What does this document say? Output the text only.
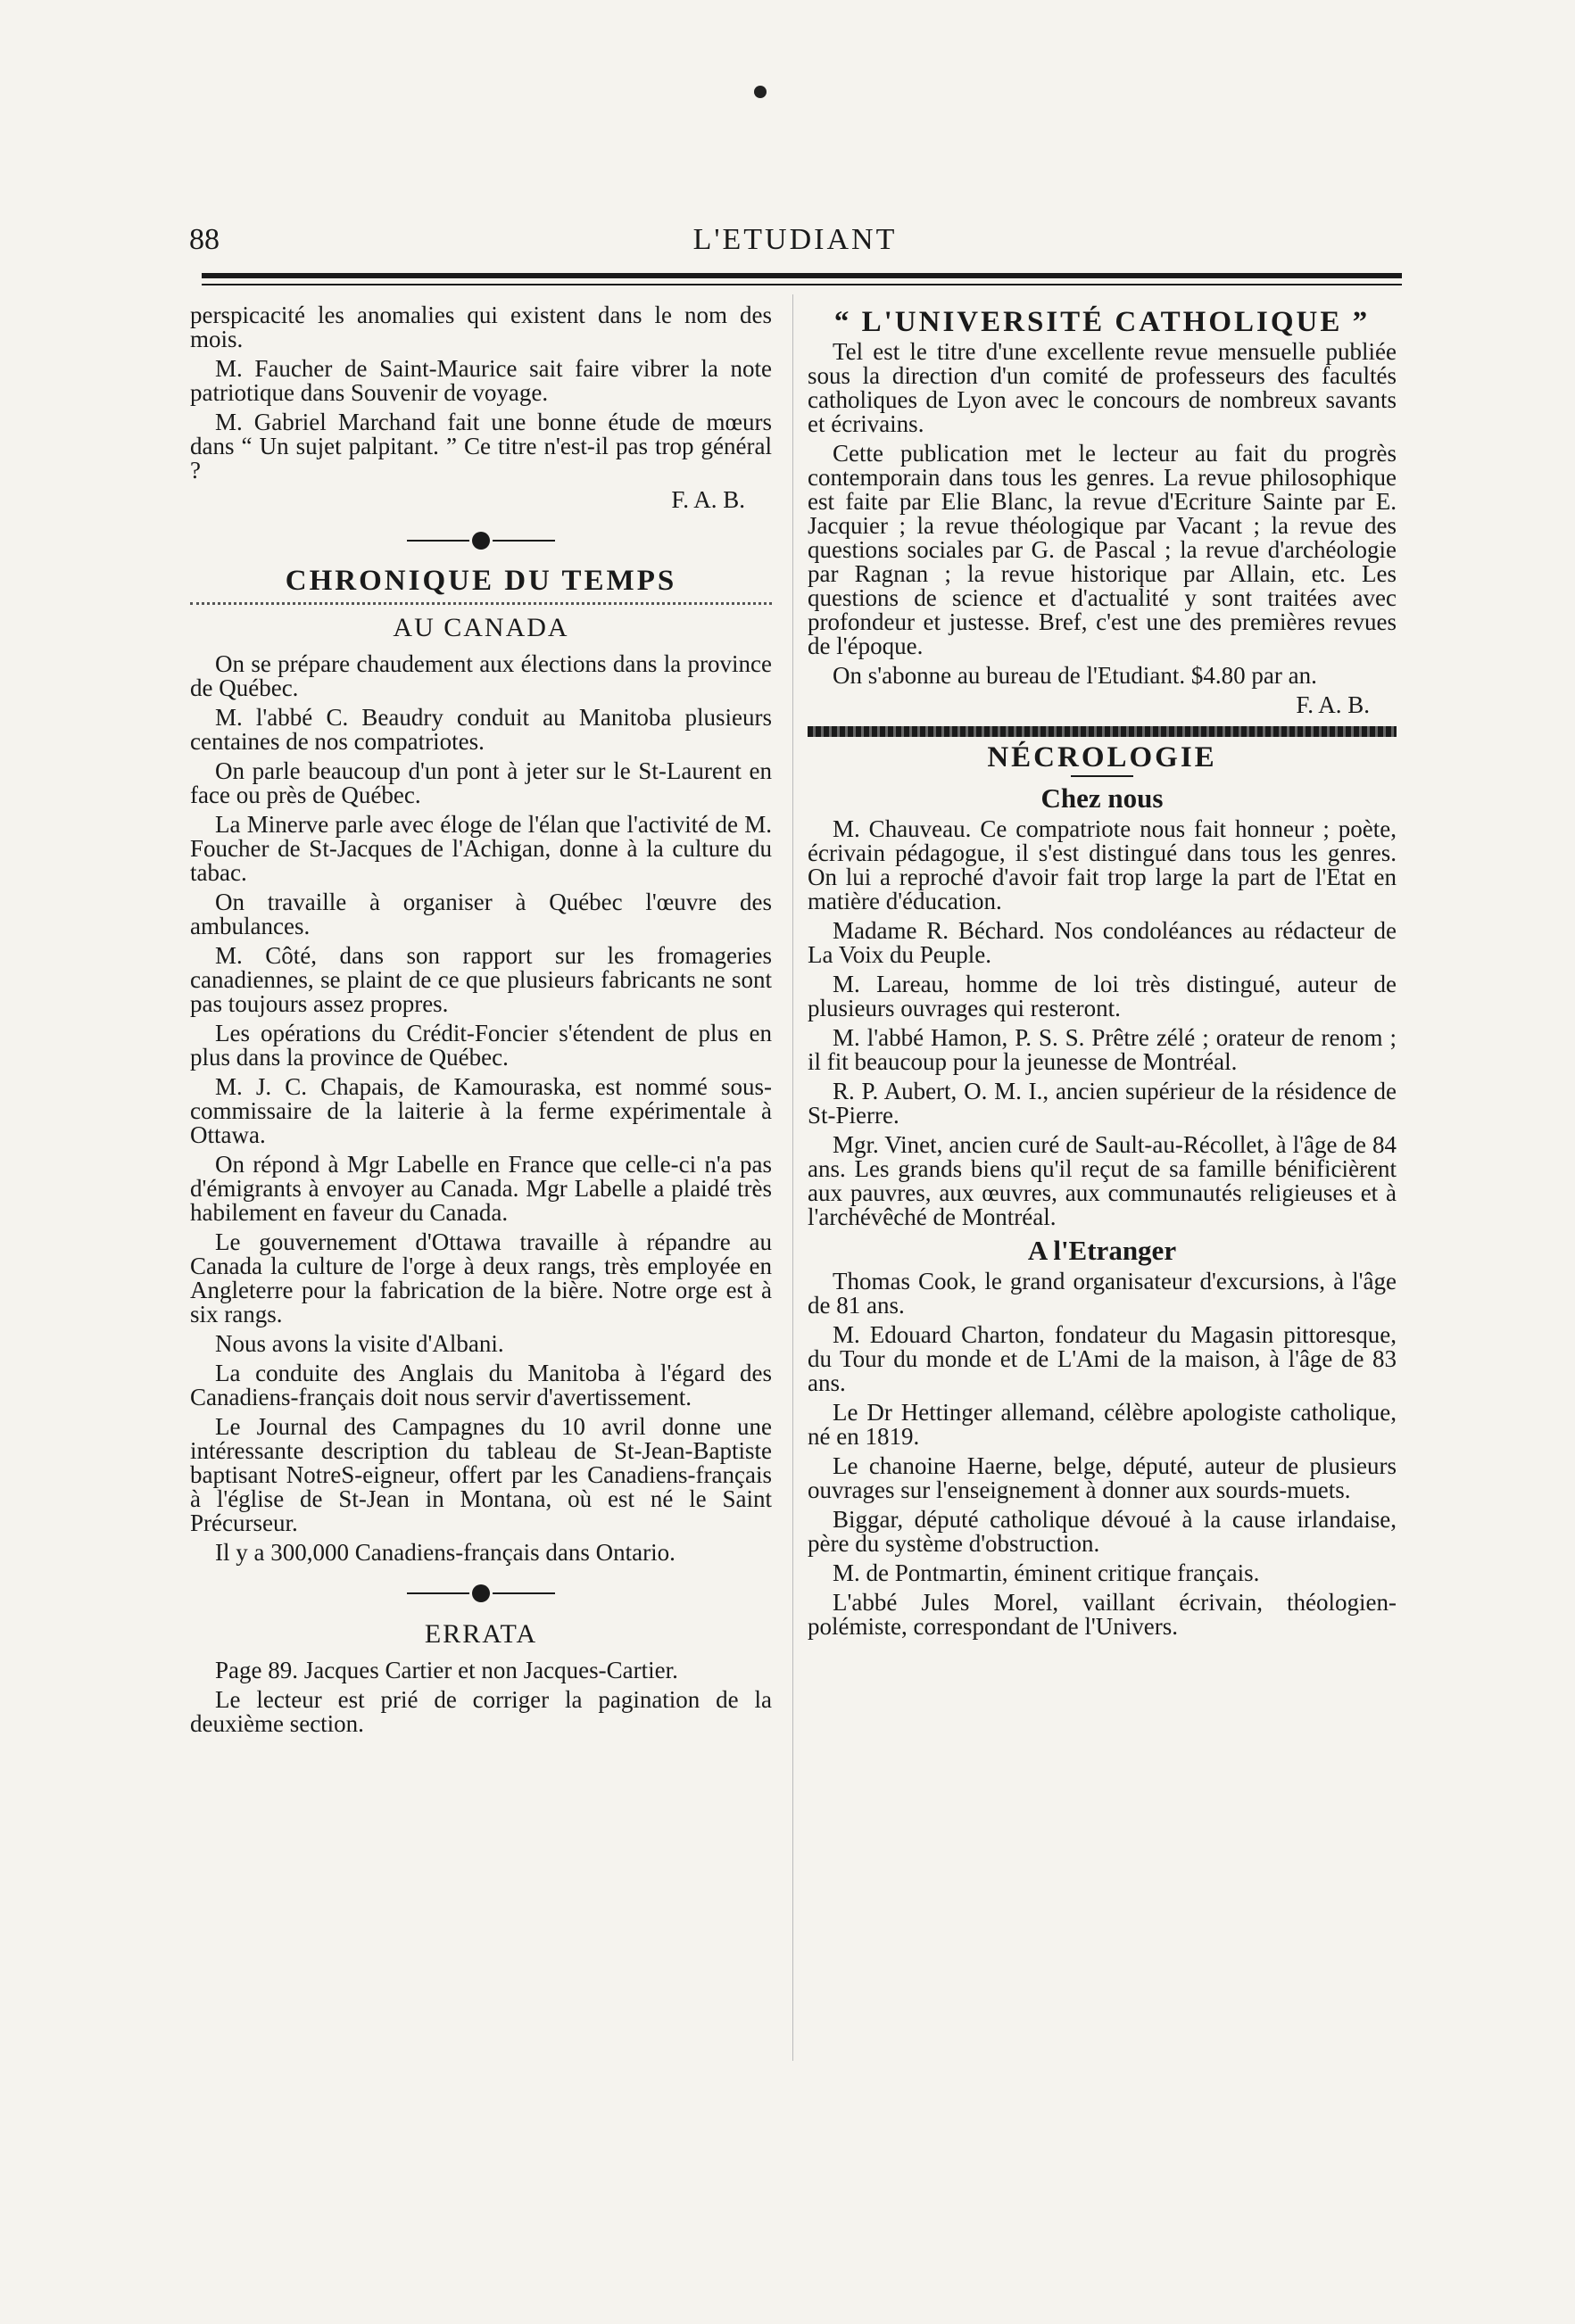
88	L'ETUDIANT

perspicacité les anomalies qui existent dans le nom des mois.

M. Faucher de Saint-Maurice sait faire vibrer la note patriotique dans Souvenir de voyage.

M. Gabriel Marchand fait une bonne étude de mœurs dans “ Un sujet palpitant. ” Ce titre n'est-il pas trop général ?

F. A. B.

CHRONIQUE DU TEMPS
AU CANADA

On se prépare chaudement aux élections dans la province de Québec.

M. l'abbé C. Beaudry conduit au Manitoba plusieurs centaines de nos compatriotes.

On parle beaucoup d'un pont à jeter sur le St-Laurent en face ou près de Québec.

La Minerve parle avec éloge de l'élan que l'activité de M. Foucher de St-Jacques de l'Achigan, donne à la culture du tabac.

On travaille à organiser à Québec l'œuvre des ambulances.

M. Côté, dans son rapport sur les fromageries canadiennes, se plaint de ce que plusieurs fabricants ne sont pas toujours assez propres.

Les opérations du Crédit-Foncier s'étendent de plus en plus dans la province de Québec.

M. J. C. Chapais, de Kamouraska, est nommé sous-commissaire de la laiterie à la ferme expérimentale à Ottawa.

On répond à Mgr Labelle en France que celle-ci n'a pas d'émigrants à envoyer au Canada. Mgr Labelle a plaidé très habilement en faveur du Canada.

Le gouvernement d'Ottawa travaille à répandre au Canada la culture de l'orge à deux rangs, très employée en Angleterre pour la fabrication de la bière. Notre orge est à six rangs.

Nous avons la visite d'Albani.

La conduite des Anglais du Manitoba à l'égard des Canadiens-français doit nous servir d'avertissement.

Le Journal des Campagnes du 10 avril donne une intéressante description du tableau de St-Jean-Baptiste baptisant NotreS-eigneur, offert par les Canadiens-français à l'église de St-Jean in Montana, où est né le Saint Précurseur.

Il y a 300,000 Canadiens-français dans Ontario.

ERRATA

Page 89. Jacques Cartier et non Jacques-Cartier.

Le lecteur est prié de corriger la pagination de la deuxième section.

“ L'UNIVERSITÉ CATHOLIQUE ”

Tel est le titre d'une excellente revue mensuelle publiée sous la direction d'un comité de professeurs des facultés catholiques de Lyon avec le concours de nombreux savants et écrivains.

Cette publication met le lecteur au fait du progrès contemporain dans tous les genres. La revue philosophique est faite par Elie Blanc, la revue d'Ecriture Sainte par E. Jacquier ; la revue théologique par Vacant ; la revue des questions sociales par G. de Pascal ; la revue d'archéologie par Ragnan ; la revue historique par Allain, etc. Les questions de science et d'actualité y sont traitées avec profondeur et justesse. Bref, c'est une des premières revues de l'époque.

On s'abonne au bureau de l'Etudiant. $4.80 par an.

F. A. B.

NÉCROLOGIE
Chez nous

M. Chauveau. Ce compatriote nous fait honneur ; poète, écrivain pédagogue, il s'est distingué dans tous les genres. On lui a reproché d'avoir fait trop large la part de l'Etat en matière d'éducation.

Madame R. Béchard. Nos condoléances au rédacteur de La Voix du Peuple.

M. Lareau, homme de loi très distingué, auteur de plusieurs ouvrages qui resteront.

M. l'abbé Hamon, P. S. S. Prêtre zélé ; orateur de renom ; il fit beaucoup pour la jeunesse de Montréal.

R. P. Aubert, O. M. I., ancien supérieur de la résidence de St-Pierre.

Mgr. Vinet, ancien curé de Sault-au-Récollet, à l'âge de 84 ans. Les grands biens qu'il reçut de sa famille bénificièrent aux pauvres, aux œuvres, aux communautés religieuses et à l'archévêché de Montréal.

A l'Etranger

Thomas Cook, le grand organisateur d'excursions, à l'âge de 81 ans.

M. Edouard Charton, fondateur du Magasin pittoresque, du Tour du monde et de L'Ami de la maison, à l'âge de 83 ans.

Le Dr Hettinger allemand, célèbre apologiste catholique, né en 1819.

Le chanoine Haerne, belge, député, auteur de plusieurs ouvrages sur l'enseignement à donner aux sourds-muets.

Biggar, député catholique dévoué à la cause irlandaise, père du système d'obstruction.

M. de Pontmartin, éminent critique français.

L'abbé Jules Morel, vaillant écrivain, théologien-polémiste, correspondant de l'Univers.
